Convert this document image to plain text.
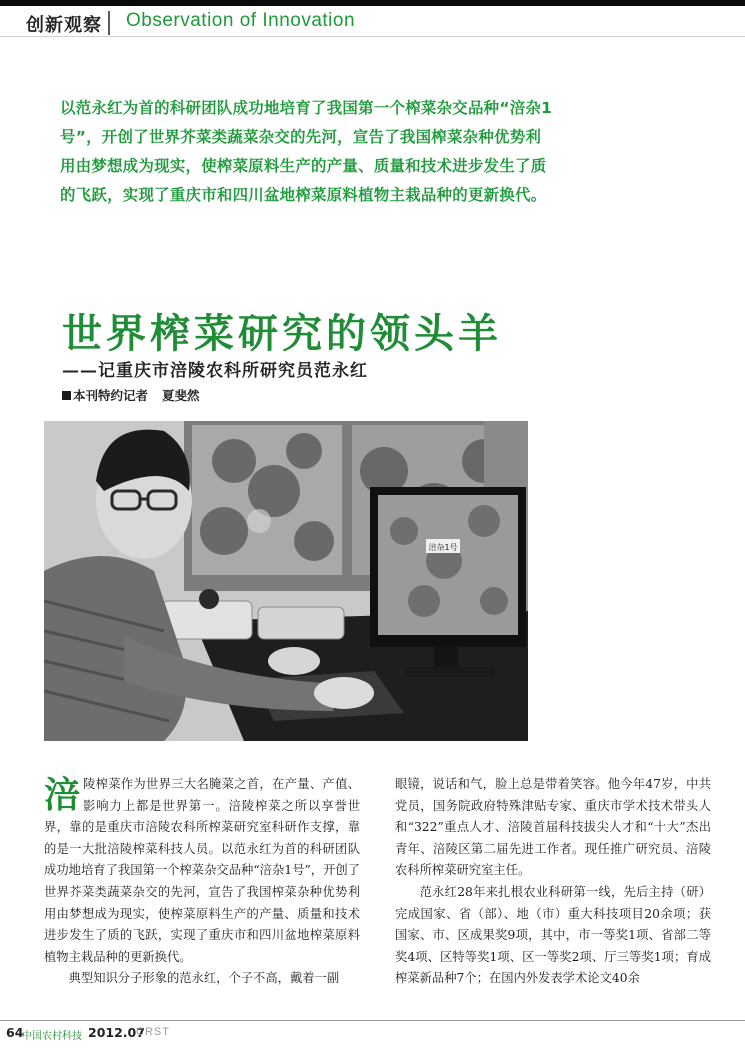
创新观察 Observation of Innovation
以范永红为首的科研团队成功地培育了我国第一个榨菜杂交品种“涪杂1号”，开创了世界芥菜类蔬菜杂交的先河，宣告了我国榨菜杂种优势利用由梦想成为现实，使榨菜原料生产的产量、质量和技术进步发生了质的飞跃，实现了重庆市和四川盆地榨菜原料植物主栽品种的更新换代。
世界榨菜研究的领头羊
——记重庆市涪陵农科所研究员范永红
本刊特约记者 夏斐然
涪杂1号

涪陵榨菜作为世界三大名腌菜之首，在产量、产值、影响力上都是世界第一。涪陵榨菜之所以享誉世界，靠的是重庆市涪陵农科所榨菜研究室科研作支撑，靠的是一大批涪陵榨菜科技人员。以范永红为首的科研团队成功地培育了我国第一个榨菜杂交品种“涪杂1号”，开创了世界芥菜类蔬菜杂交的先河，宣告了我国榨菜杂种优势利用由梦想成为现实，使榨菜原料生产的产量、质量和技术进步发生了质的飞跃，实现了重庆市和四川盆地榨菜原料植物主栽品种的更新换代。

典型知识分子形象的范永红，个子不高，戴着一副

眼镜，说话和气，脸上总是带着笑容。他今年47岁，中共党员，国务院政府特殊津贴专家、重庆市学术技术带头人和“322”重点人才、涪陵首届科技拔尖人才和“十大”杰出青年、涪陵区第二届先进工作者。现任推广研究员、涪陵农科所榨菜研究室主任。

范永红28年来扎根农业科研第一线，先后主持（研）完成国家、省（部）、地（市）重大科技项目20余项；获国家、市、区成果奖9项，其中，市一等奖1项、省部二等奖4项、区特等奖1项、区一等奖2项、厅三等奖1项；育成榨菜新品种7个；在国内外发表学术论文40余

64
中国农村科技 2012.07
CRST
